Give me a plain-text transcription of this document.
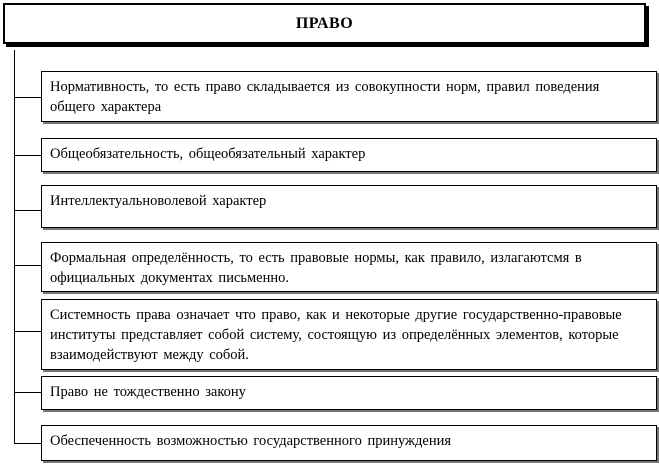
ПРАВО
Нормативность, то есть право складывается из совокупности норм, правил поведения общего характера
Общеобязательность, общеобязательный характер
Интеллектуальноволевой характер
Формальная определённость, то есть правовые нормы, как правило, излагаютсмя в официальных документах письменно.
Системность права означает что право, как и некоторые другие государственно-правовые институты представляет собой систему, состоящую из определённых элементов, которые взаимодействуют между собой.
Право не тождественно закону
Обеспеченность возможностью государственного принуждения
